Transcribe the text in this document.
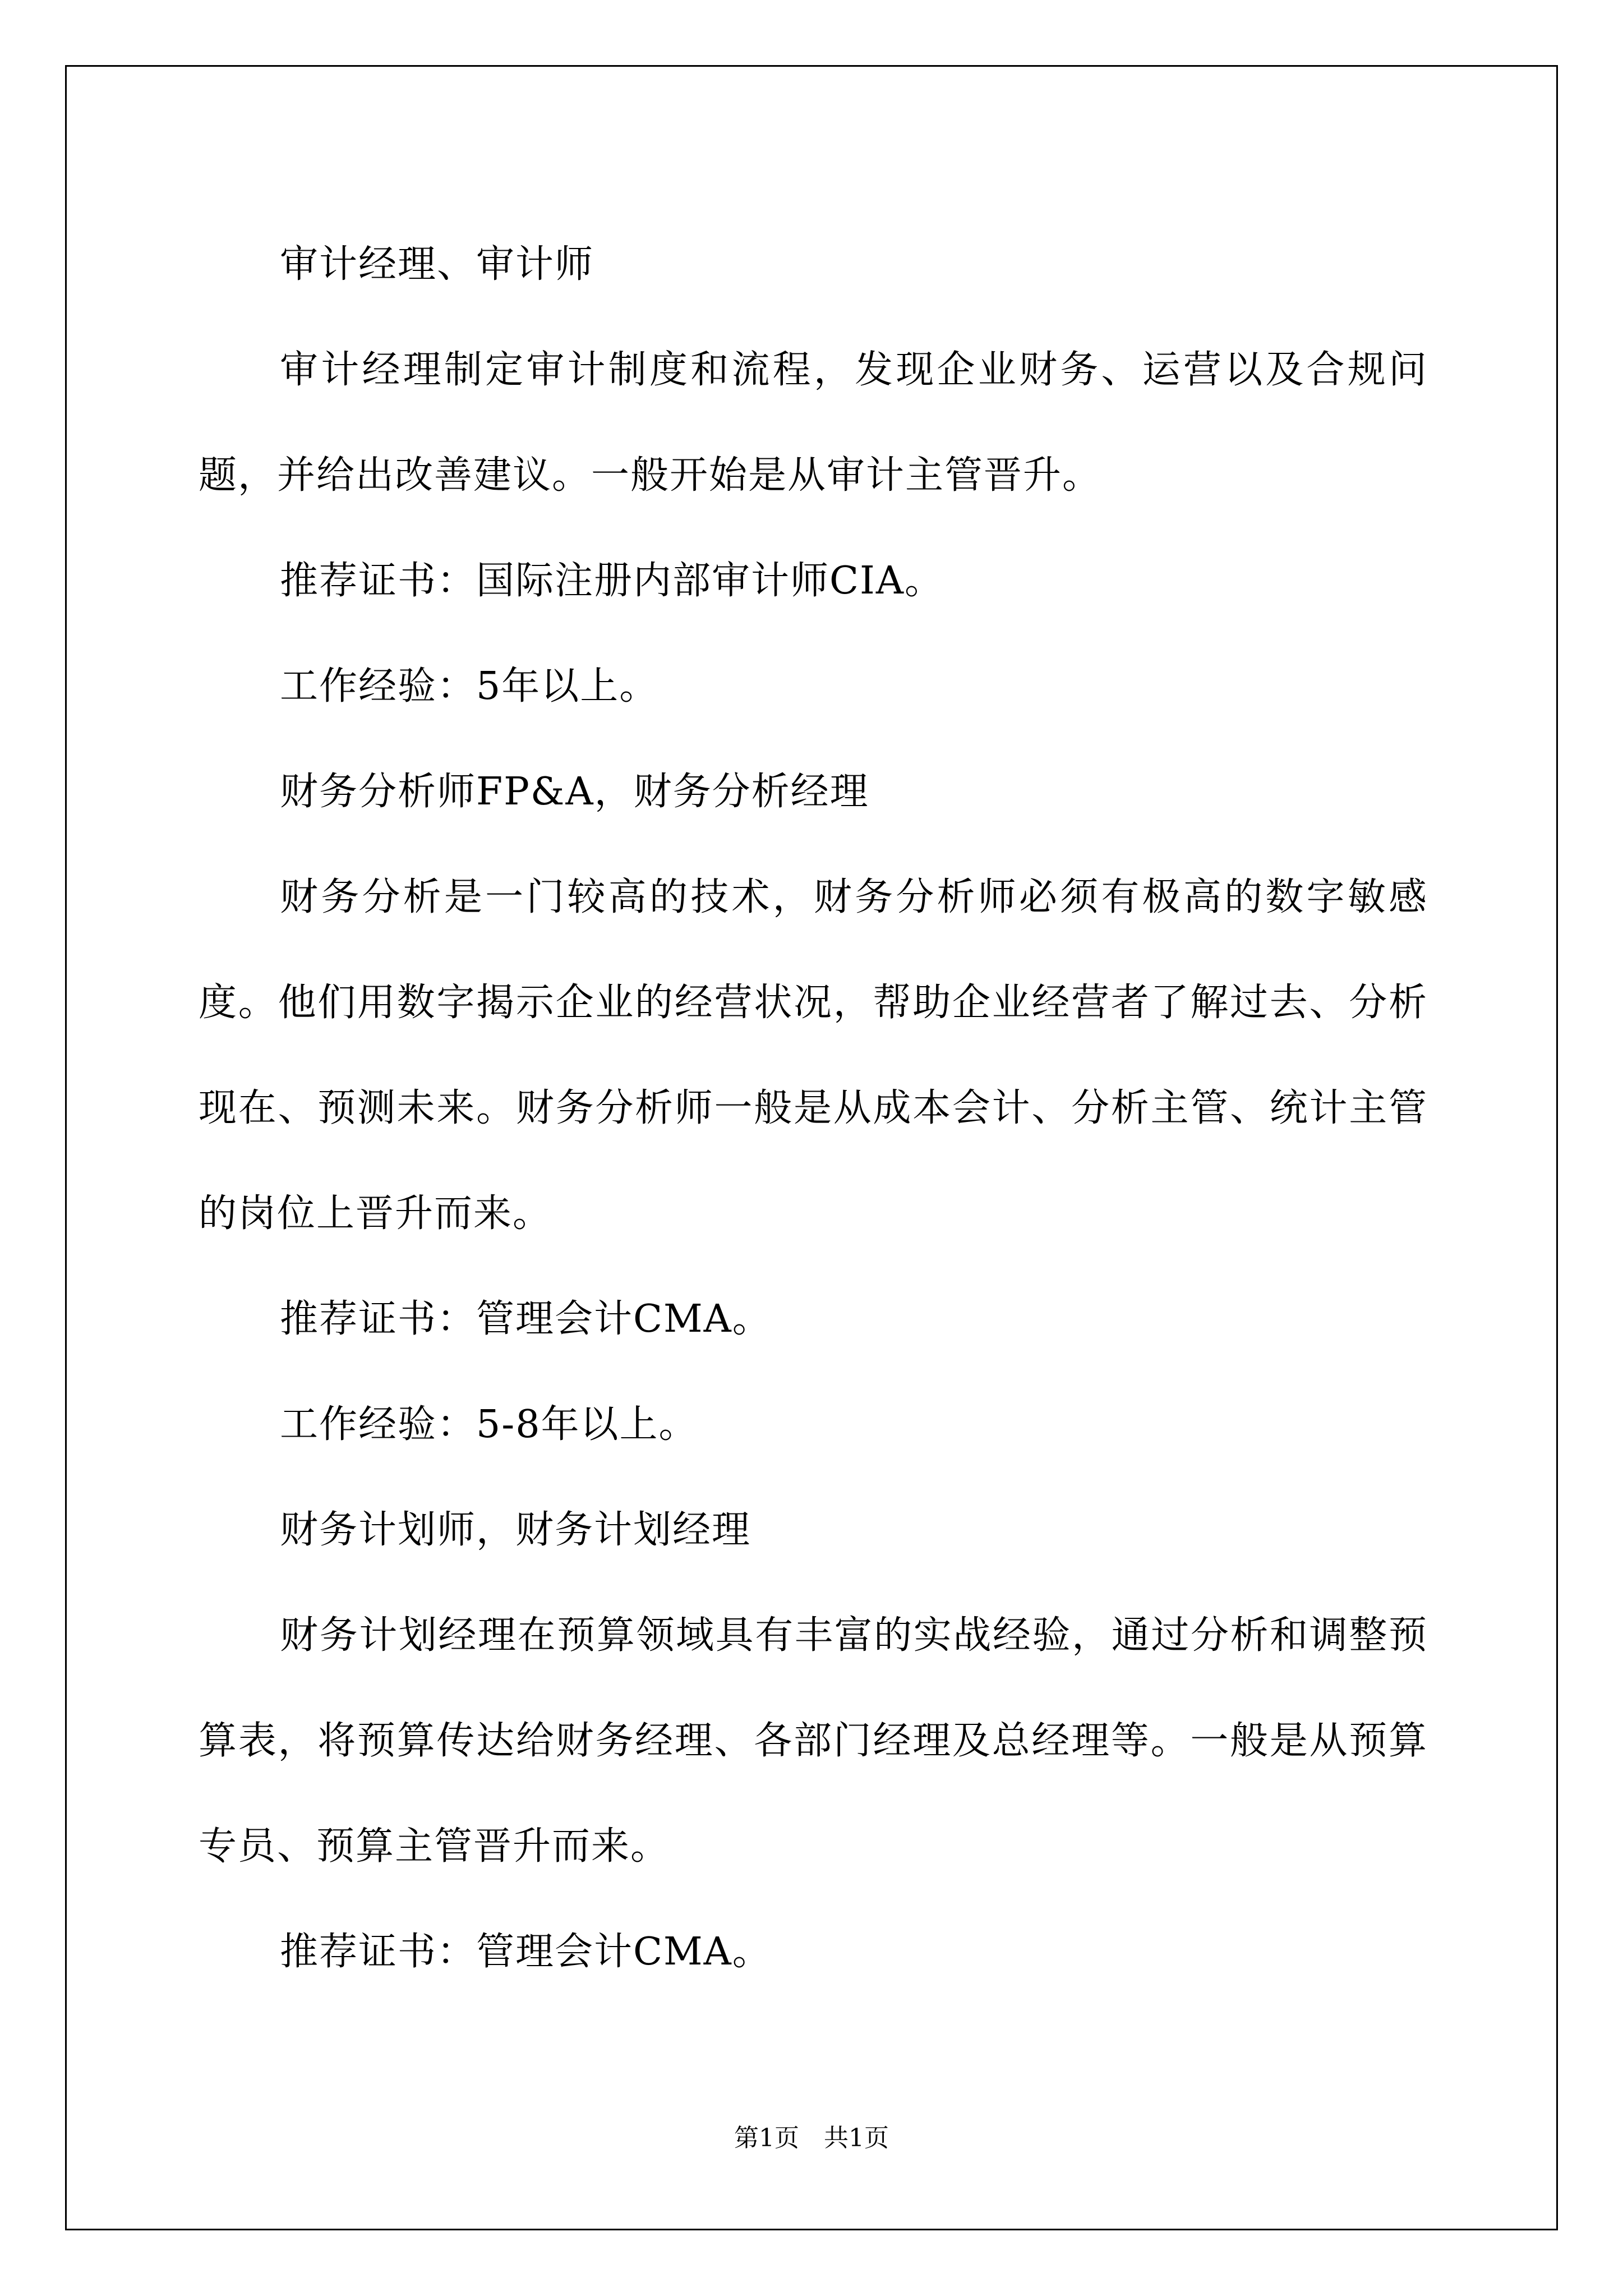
审计经理、审计师

审计经理制定审计制度和流程，发现企业财务、运营以及合规问题，并给出改善建议。一般开始是从审计主管晋升。

推荐证书：国际注册内部审计师CIA。

工作经验：5年以上。

财务分析师FP&A，财务分析经理

财务分析是一门较高的技术，财务分析师必须有极高的数字敏感度。他们用数字揭示企业的经营状况，帮助企业经营者了解过去、分析现在、预测未来。财务分析师一般是从成本会计、分析主管、统计主管的岗位上晋升而来。

推荐证书：管理会计CMA。

工作经验：5-8年以上。

财务计划师，财务计划经理

财务计划经理在预算领域具有丰富的实战经验，通过分析和调整预算表，将预算传达给财务经理、各部门经理及总经理等。一般是从预算专员、预算主管晋升而来。

推荐证书：管理会计CMA。

第1页　共1页
